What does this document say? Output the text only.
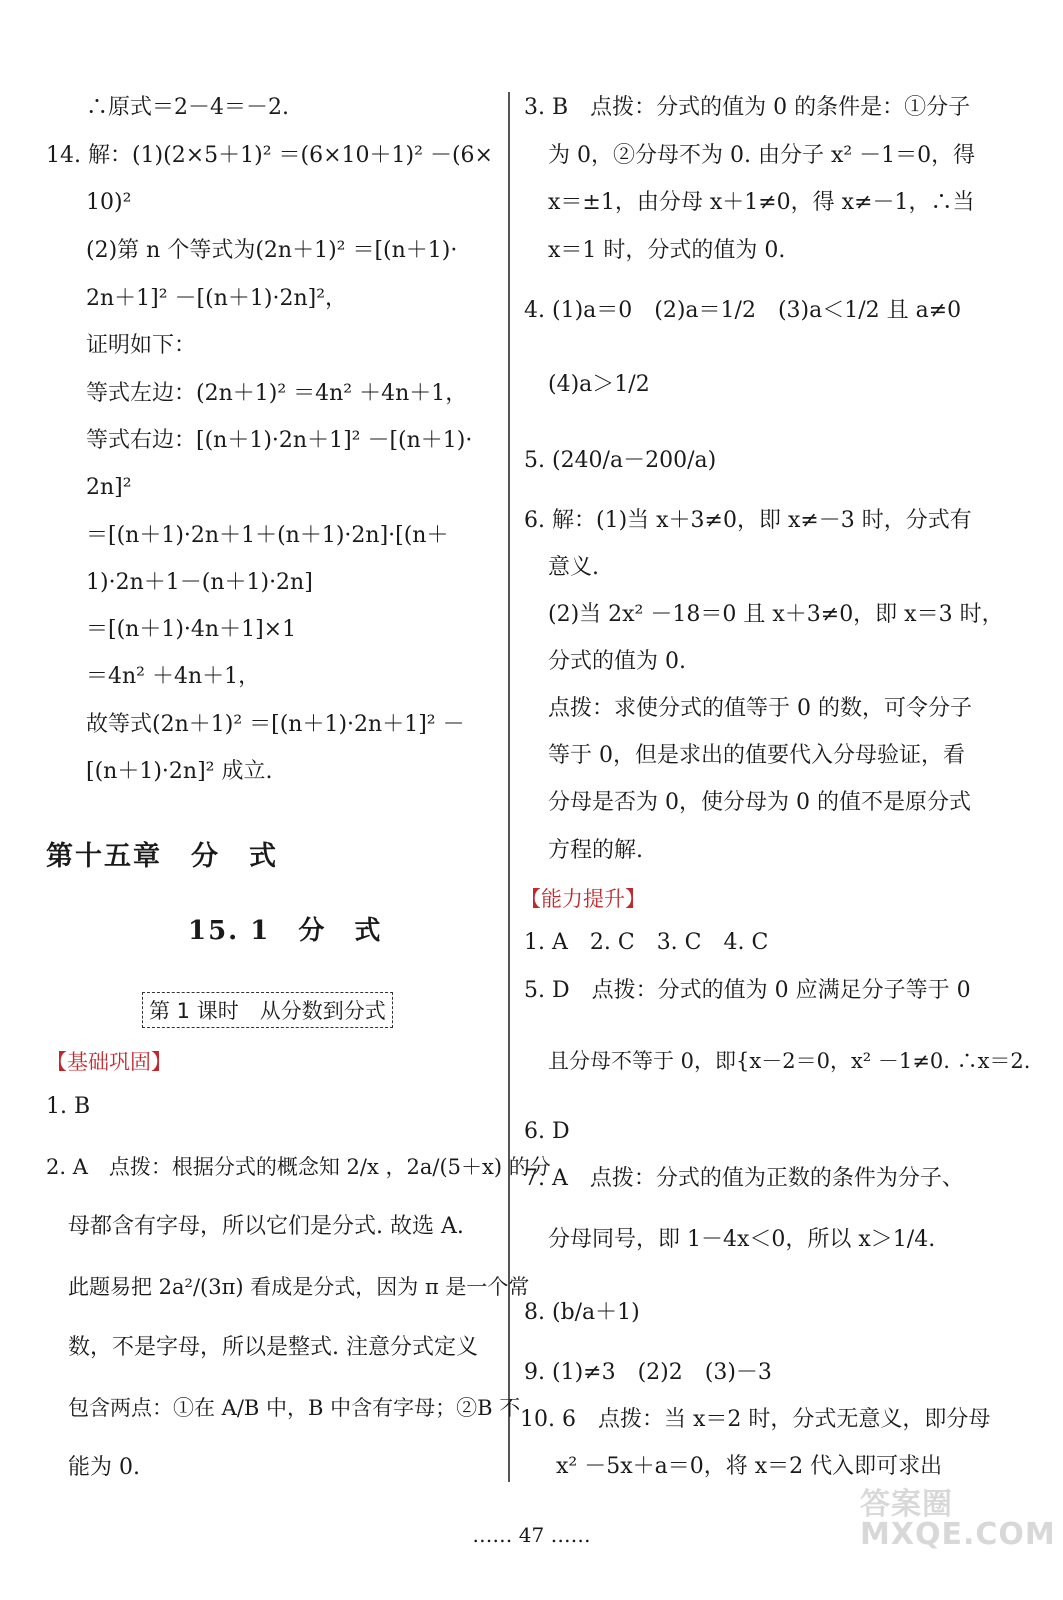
∴原式＝2－4＝－2.
14. 解：(1)(2×5＋1)² ＝(6×10＋1)² －(6×
10)²
(2)第 n 个等式为(2n＋1)² ＝[(n＋1)·
2n＋1]² －[(n＋1)·2n]²，
证明如下：
等式左边：(2n＋1)² ＝4n² ＋4n＋1，
等式右边：[(n＋1)·2n＋1]² －[(n＋1)·
2n]²
＝[(n＋1)·2n＋1＋(n＋1)·2n]·[(n＋
1)·2n＋1－(n＋1)·2n]
＝[(n＋1)·4n＋1]×1
＝4n² ＋4n＋1，
故等式(2n＋1)² ＝[(n＋1)·2n＋1]² －
[(n＋1)·2n]² 成立.
第十五章　分　式
15. 1　分　式
第 1 课时　从分数到分式
【基础巩固】
1. B
2. A　点拨：根据分式的概念知 2/x ，2a/(5＋x) 的分
母都含有字母，所以它们是分式. 故选 A.
此题易把 2a²/(3π) 看成是分式，因为 π 是一个常
数，不是字母，所以是整式. 注意分式定义
包含两点：①在 A/B 中，B 中含有字母；②B 不
能为 0.
3. B　点拨：分式的值为 0 的条件是：①分子
为 0，②分母不为 0. 由分子 x² －1＝0，得
x＝±1，由分母 x＋1≠0，得 x≠－1，∴当
x＝1 时，分式的值为 0.
4. (1)a＝0　(2)a＝1/2　(3)a＜1/2 且 a≠0
(4)a＞1/2
5. (240/a－200/a)
6. 解：(1)当 x＋3≠0，即 x≠－3 时，分式有
意义.
(2)当 2x² －18＝0 且 x＋3≠0，即 x＝3 时，
分式的值为 0.
点拨：求使分式的值等于 0 的数，可令分子
等于 0，但是求出的值要代入分母验证，看
分母是否为 0，使分母为 0 的值不是原分式
方程的解.
【能力提升】
1. A　2. C　3. C　4. C
5. D　点拨：分式的值为 0 应满足分子等于 0
且分母不等于 0，即{x－2＝0，x² －1≠0. ∴x＝2.
6. D
7. A　点拨：分式的值为正数的条件为分子、
分母同号，即 1－4x＜0，所以 x＞1/4.
8. (b/a＋1)
9. (1)≠3　(2)2　(3)－3
10. 6　点拨：当 x＝2 时，分式无意义，即分母
x² －5x＋a＝0，将 x＝2 代入即可求出
…… 47 ……
答案圈
MXQE.COM
